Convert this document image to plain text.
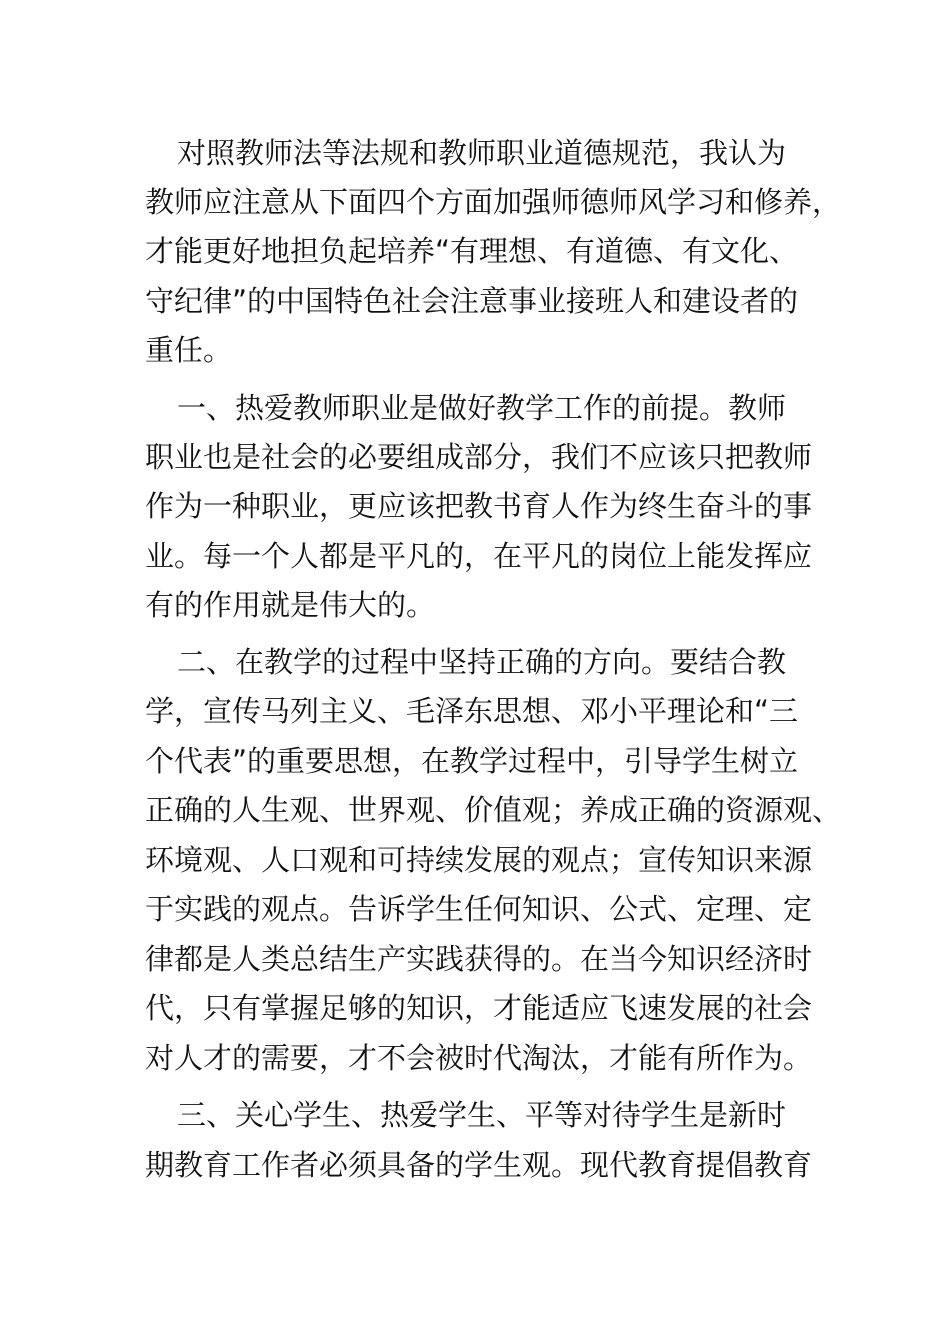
对照教师法等法规和教师职业道德规范，我认为
教师应注意从下面四个方面加强师德师风学习和修养，
才能更好地担负起培养“有理想、有道德、有文化、
守纪律”的中国特色社会注意事业接班人和建设者的
重任。
一、热爱教师职业是做好教学工作的前提。教师
职业也是社会的必要组成部分，我们不应该只把教师
作为一种职业，更应该把教书育人作为终生奋斗的事
业。每一个人都是平凡的，在平凡的岗位上能发挥应
有的作用就是伟大的。
二、在教学的过程中坚持正确的方向。要结合教
学，宣传马列主义、毛泽东思想、邓小平理论和“三
个代表”的重要思想，在教学过程中，引导学生树立
正确的人生观、世界观、价值观；养成正确的资源观、
环境观、人口观和可持续发展的观点；宣传知识来源
于实践的观点。告诉学生任何知识、公式、定理、定
律都是人类总结生产实践获得的。在当今知识经济时
代，只有掌握足够的知识，才能适应飞速发展的社会
对人才的需要，才不会被时代淘汰，才能有所作为。
三、关心学生、热爱学生、平等对待学生是新时
期教育工作者必须具备的学生观。现代教育提倡教育
